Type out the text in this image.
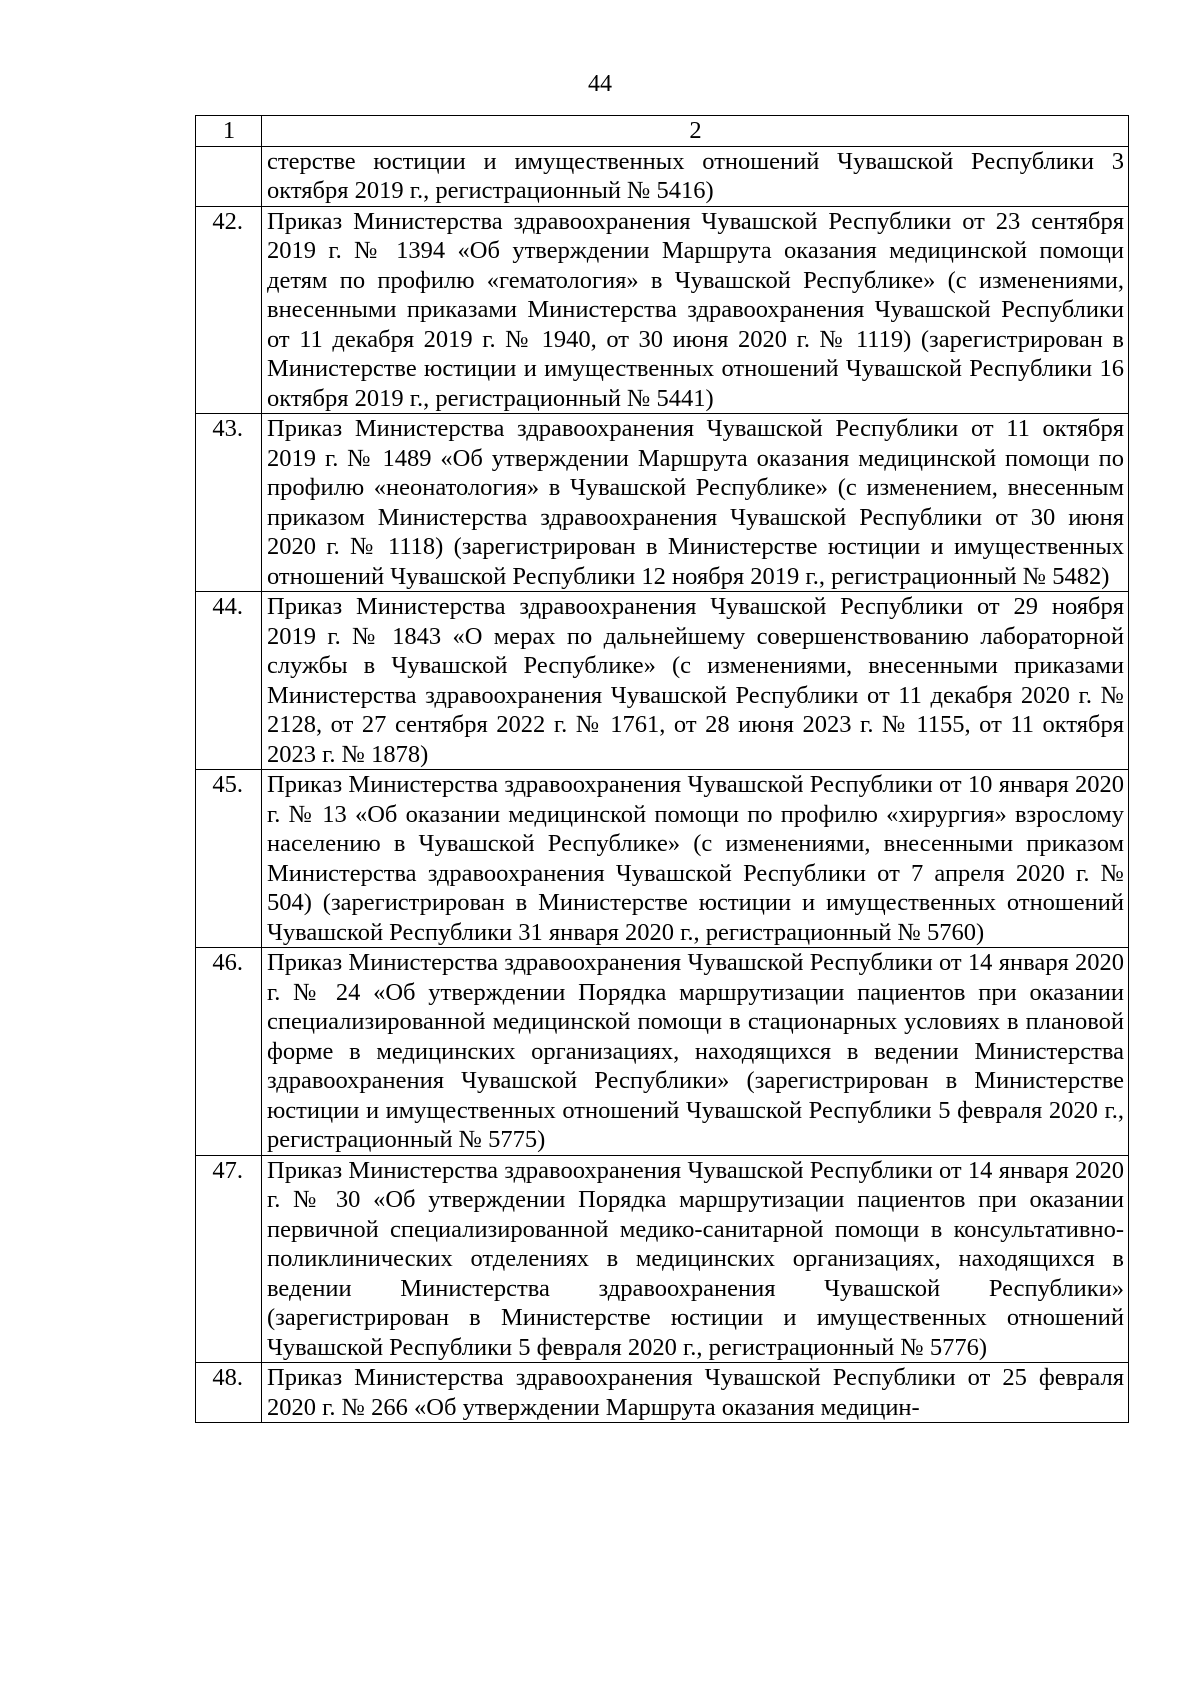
44
1	2
	стерстве юстиции и имущественных отношений Чувашской Республики 3 октября 2019 г., регистрационный № 5416)
42.	Приказ Министерства здравоохранения Чувашской Республики от 23 сентября 2019 г. № 1394 «Об утверждении Маршрута оказания медицинской помощи детям по профилю «гематология» в Чувашской Республике» (с изменениями, внесенными приказами Министерства здравоохранения Чувашской Республики от 11 декабря 2019 г. № 1940, от 30 июня 2020 г. № 1119) (зарегистрирован в Министерстве юстиции и имущественных отношений Чувашской Республики 16 октября 2019 г., регистрационный № 5441)
43.	Приказ Министерства здравоохранения Чувашской Республики от 11 октября 2019 г. № 1489 «Об утверждении Маршрута оказания медицинской помощи по профилю «неонатология» в Чувашской Республике» (с изменением, внесенным приказом Министерства здравоохранения Чувашской Республики от 30 июня 2020 г. № 1118) (зарегистрирован в Министерстве юстиции и имущественных отношений Чувашской Республики 12 ноября 2019 г., регистрационный № 5482)
44.	Приказ Министерства здравоохранения Чувашской Республики от 29 ноября 2019 г. № 1843 «О мерах по дальнейшему совершенствованию лабораторной службы в Чувашской Республике» (с изменениями, внесенными приказами Министерства здравоохранения Чувашской Республики от 11 декабря 2020 г. № 2128, от 27 сентября 2022 г. № 1761, от 28 июня 2023 г. № 1155, от 11 октября 2023 г. № 1878)
45.	Приказ Министерства здравоохранения Чувашской Республики от 10 января 2020 г. № 13 «Об оказании медицинской помощи по профилю «хирургия» взрослому населению в Чувашской Республике» (с изменениями, внесенными приказом Министерства здравоохранения Чувашской Республики от 7 апреля 2020 г. № 504) (зарегистрирован в Министерстве юстиции и имущественных отношений Чувашской Республики 31 января 2020 г., регистрационный № 5760)
46.	Приказ Министерства здравоохранения Чувашской Республики от 14 января 2020 г. № 24 «Об утверждении Порядка маршрутизации пациентов при оказании специализированной медицинской помощи в стационарных условиях в плановой форме в медицинских организациях, находящихся в ведении Министерства здравоохранения Чувашской Республики» (зарегистрирован в Министерстве юстиции и имущественных отношений Чувашской Республики 5 февраля 2020 г., регистрационный № 5775)
47.	Приказ Министерства здравоохранения Чувашской Республики от 14 января 2020 г. № 30 «Об утверждении Порядка маршрутизации пациентов при оказании первичной специализированной медико-санитарной помощи в консультативно-поликлинических отделениях в медицинских организациях, находящихся в ведении Министерства здравоохранения Чувашской Республики» (зарегистрирован в Министерстве юстиции и имущественных отношений Чувашской Республики 5 февраля 2020 г., регистрационный № 5776)
48.	Приказ Министерства здравоохранения Чувашской Республики от 25 февраля 2020 г. № 266 «Об утверждении Маршрута оказания медицин-
